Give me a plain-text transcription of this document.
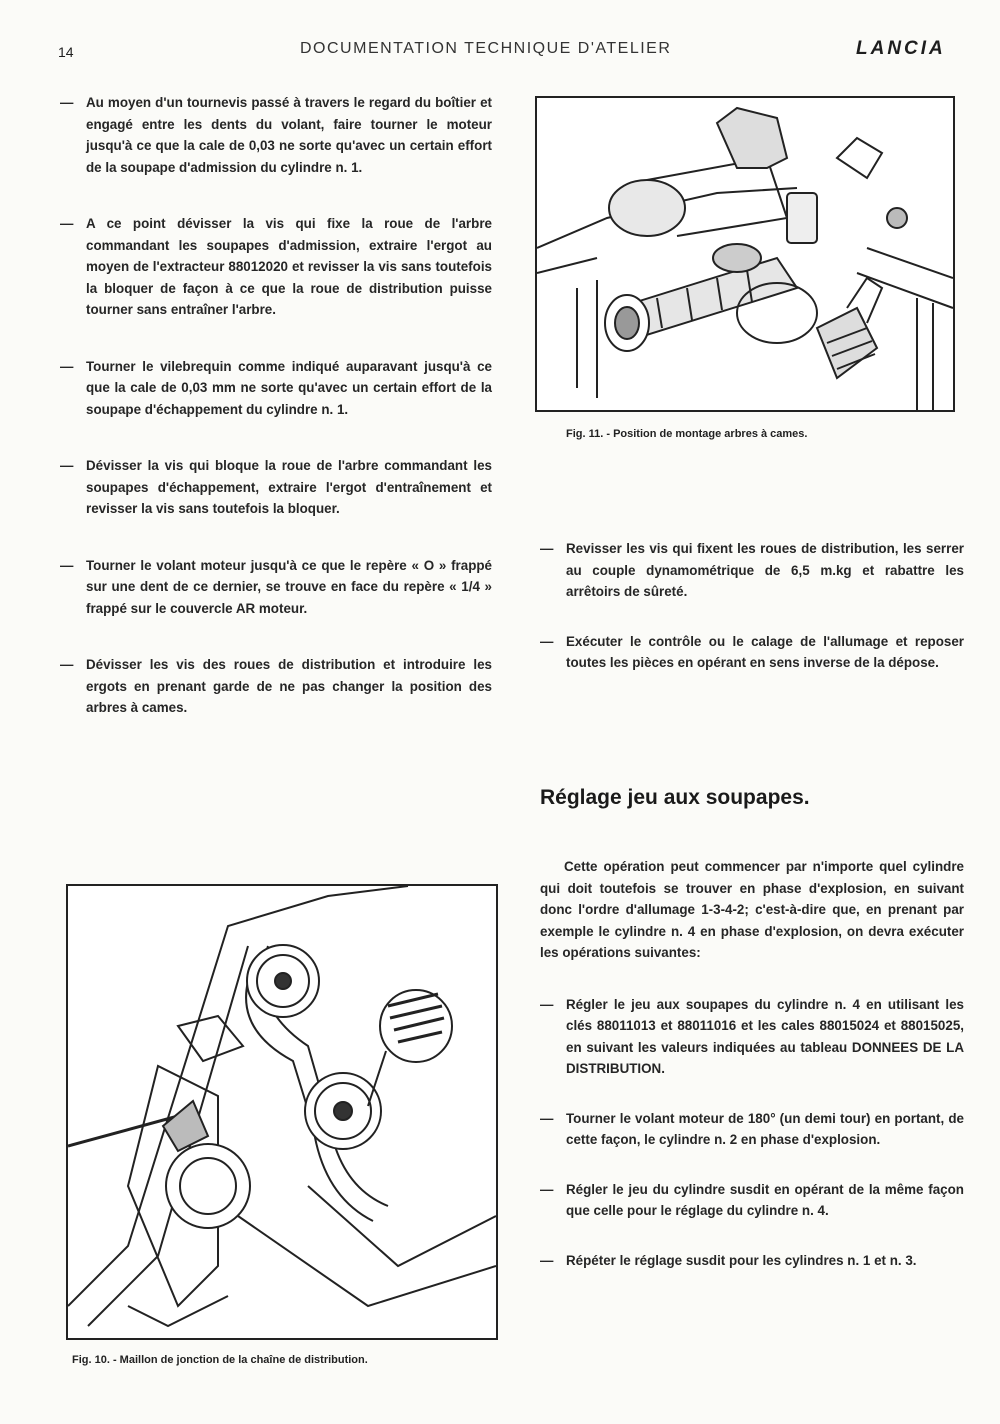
14	DOCUMENTATION TECHNIQUE D'ATELIER	LANCIA

— Au moyen d'un tournevis passé à travers le regard du boîtier et engagé entre les dents du volant, faire tourner le moteur jusqu'à ce que la cale de 0,03 ne sorte qu'avec un certain effort de la soupape d'admission du cylindre n. 1.

— A ce point dévisser la vis qui fixe la roue de l'arbre commandant les soupapes d'admission, extraire l'ergot au moyen de l'extracteur 88012020 et revisser la vis sans toutefois la bloquer de façon à ce que la roue de distribution puisse tourner sans entraîner l'arbre.

— Tourner le vilebrequin comme indiqué auparavant jusqu'à ce que la cale de 0,03 mm ne sorte qu'avec un certain effort de la soupape d'échappement du cylindre n. 1.

— Dévisser la vis qui bloque la roue de l'arbre commandant les soupapes d'échappement, extraire l'ergot d'entraînement et revisser la vis sans toutefois la bloquer.

— Tourner le volant moteur jusqu'à ce que le repère « O » frappé sur une dent de ce dernier, se trouve en face du repère « 1/4 » frappé sur le couvercle AR moteur.

— Dévisser les vis des roues de distribution et introduire les ergots en prenant garde de ne pas changer la position des arbres à cames.

Fig. 11. - Position de montage arbres à cames.

— Revisser les vis qui fixent les roues de distribution, les serrer au couple dynamométrique de 6,5 m.kg et rabattre les arrêtoirs de sûreté.

— Exécuter le contrôle ou le calage de l'allumage et reposer toutes les pièces en opérant en sens inverse de la dépose.

Réglage jeu aux soupapes.

Cette opération peut commencer par n'importe quel cylindre qui doit toutefois se trouver en phase d'explosion, en suivant donc l'ordre d'allumage 1-3-4-2; c'est-à-dire que, en prenant par exemple le cylindre n. 4 en phase d'explosion, on devra exécuter les opérations suivantes:

— Régler le jeu aux soupapes du cylindre n. 4 en utilisant les clés 88011013 et 88011016 et les cales 88015024 et 88015025, en suivant les valeurs indiquées au tableau DONNEES DE LA DISTRIBUTION.

— Tourner le volant moteur de 180° (un demi tour) en portant, de cette façon, le cylindre n. 2 en phase d'explosion.

— Régler le jeu du cylindre susdit en opérant de la même façon que celle pour le réglage du cylindre n. 4.

— Répéter le réglage susdit pour les cylindres n. 1 et n. 3.

Fig. 10. - Maillon de jonction de la chaîne de distribution.
